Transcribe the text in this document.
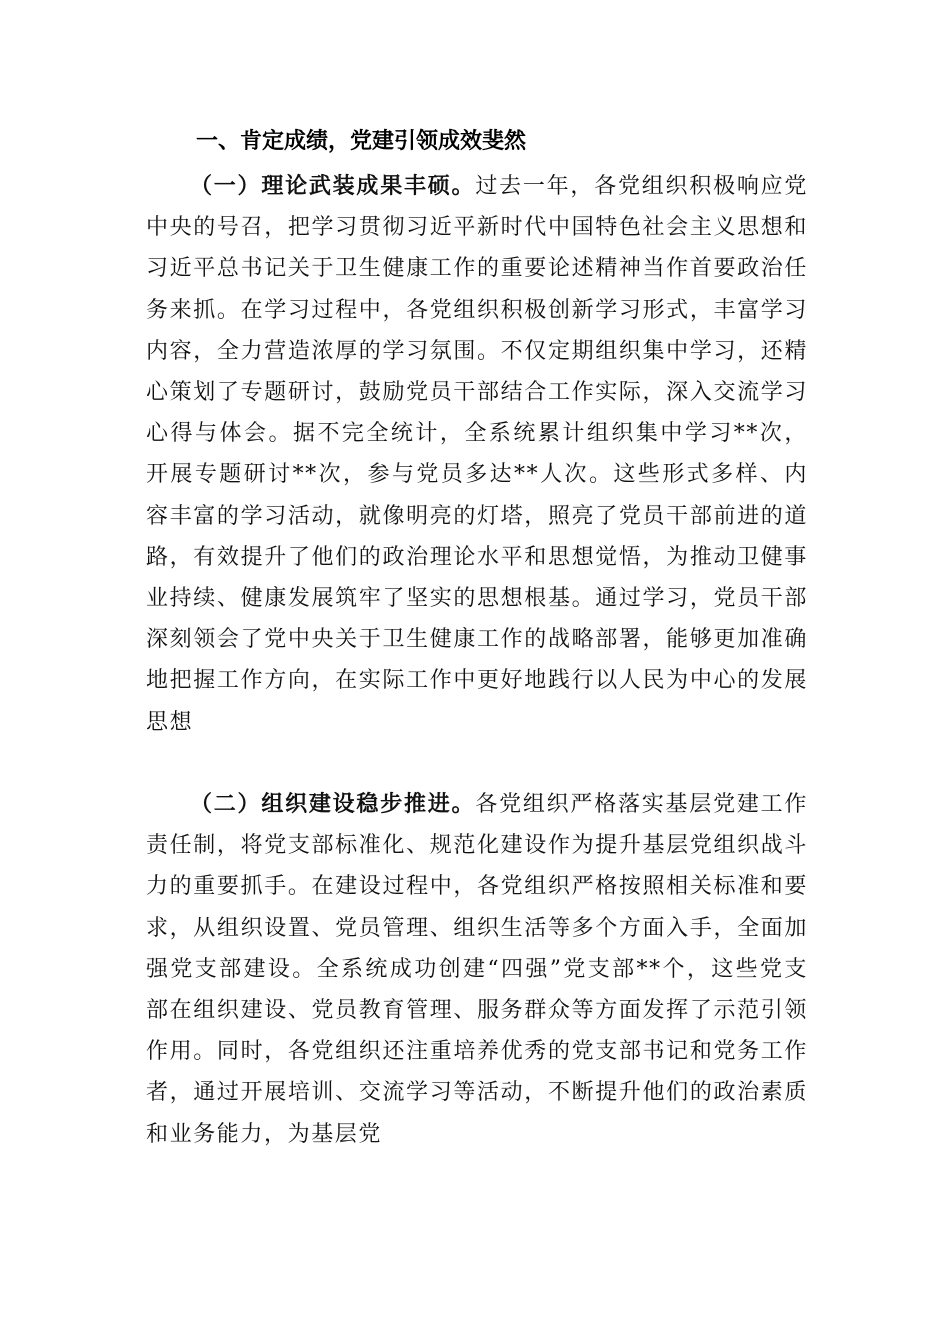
一、肯定成绩，党建引领成效斐然

（一）理论武装成果丰硕。过去一年，各党组织积极响应党中央的号召，把学习贯彻习近平新时代中国特色社会主义思想和习近平总书记关于卫生健康工作的重要论述精神当作首要政治任务来抓。在学习过程中，各党组织积极创新学习形式，丰富学习内容，全力营造浓厚的学习氛围。不仅定期组织集中学习，还精心策划了专题研讨，鼓励党员干部结合工作实际，深入交流学习心得与体会。据不完全统计，全系统累计组织集中学习**次，开展专题研讨**次，参与党员多达**人次。这些形式多样、内容丰富的学习活动，就像明亮的灯塔，照亮了党员干部前进的道路，有效提升了他们的政治理论水平和思想觉悟，为推动卫健事业持续、健康发展筑牢了坚实的思想根基。通过学习，党员干部深刻领会了党中央关于卫生健康工作的战略部署，能够更加准确地把握工作方向，在实际工作中更好地践行以人民为中心的发展思想

（二）组织建设稳步推进。各党组织严格落实基层党建工作责任制，将党支部标准化、规范化建设作为提升基层党组织战斗力的重要抓手。在建设过程中，各党组织严格按照相关标准和要求，从组织设置、党员管理、组织生活等多个方面入手，全面加强党支部建设。全系统成功创建“四强”党支部**个，这些党支部在组织建设、党员教育管理、服务群众等方面发挥了示范引领作用。同时，各党组织还注重培养优秀的党支部书记和党务工作者，通过开展培训、交流学习等活动，不断提升他们的政治素质和业务能力，为基层党
